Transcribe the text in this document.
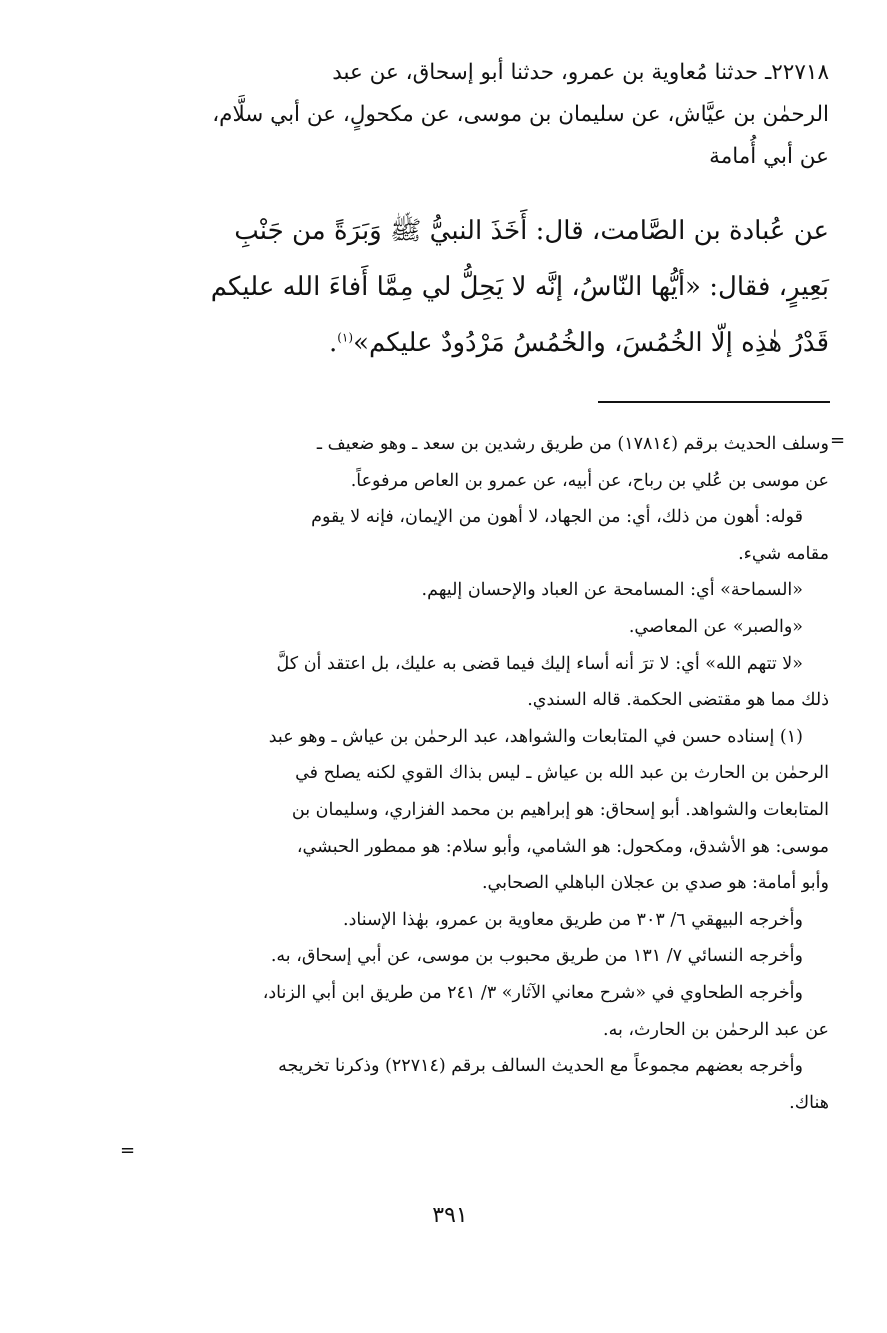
٢٢٧١٨ـ حدثنا مُعاوية بن عمرو، حدثنا أبو إسحاق، عن عبد
الرحمٰن بن عيَّاش، عن سليمان بن موسى، عن مكحولٍ، عن أبي سلَّام،
عن أبي أُمامة
عن عُبادة بن الصَّامت، قال: أَخَذَ النبيُّ ﷺ وَبَرَةً من جَنْبِ
بَعِيرٍ، فقال: «أيُّها النّاسُ، إنَّه لا يَحِلُّ لي مِمَّا أَفاءَ الله عليكم
قَدْرُ هٰذِه إلّا الخُمُسَ، والخُمُسُ مَرْدُودٌ عليكم»$^{(١)}$.
=
وسلف الحديث برقم (١٧٨١٤) من طريق رشدين بن سعد ـ وهو ضعيف ـ
عن موسى بن عُلي بن رباح، عن أبيه، عن عمرو بن العاص مرفوعاً.
قوله: أهون من ذلك، أي: من الجهاد، لا أهون من الإيمان، فإنه لا يقوم
مقامه شيء.
«السماحة» أي: المسامحة عن العباد والإحسان إليهم.
«والصبر» عن المعاصي.
«لا تتهم الله» أي: لا ترَ أنه أساء إليك فيما قضى به عليك، بل اعتقد أن كلَّ
ذلك مما هو مقتضى الحكمة. قاله السندي.
(١) إسناده حسن في المتابعات والشواهد، عبد الرحمٰن بن عياش ـ وهو عبد
الرحمٰن بن الحارث بن عبد الله بن عياش ـ ليس بذاك القوي لكنه يصلح في
المتابعات والشواهد. أبو إسحاق: هو إبراهيم بن محمد الفزاري، وسليمان بن
موسى: هو الأشدق، ومكحول: هو الشامي، وأبو سلام: هو ممطور الحبشي،
وأبو أمامة: هو صدي بن عجلان الباهلي الصحابي.
وأخرجه البيهقي ٦/ ٣٠٣ من طريق معاوية بن عمرو، بهٰذا الإسناد.
وأخرجه النسائي ٧/ ١٣١ من طريق محبوب بن موسى، عن أبي إسحاق، به.
وأخرجه الطحاوي في «شرح معاني الآثار» ٣/ ٢٤١ من طريق ابن أبي الزناد،
عن عبد الرحمٰن بن الحارث، به.
وأخرجه بعضهم مجموعاً مع الحديث السالف برقم (٢٢٧١٤) وذكرنا تخريجه
هناك.
=
٣٩١
